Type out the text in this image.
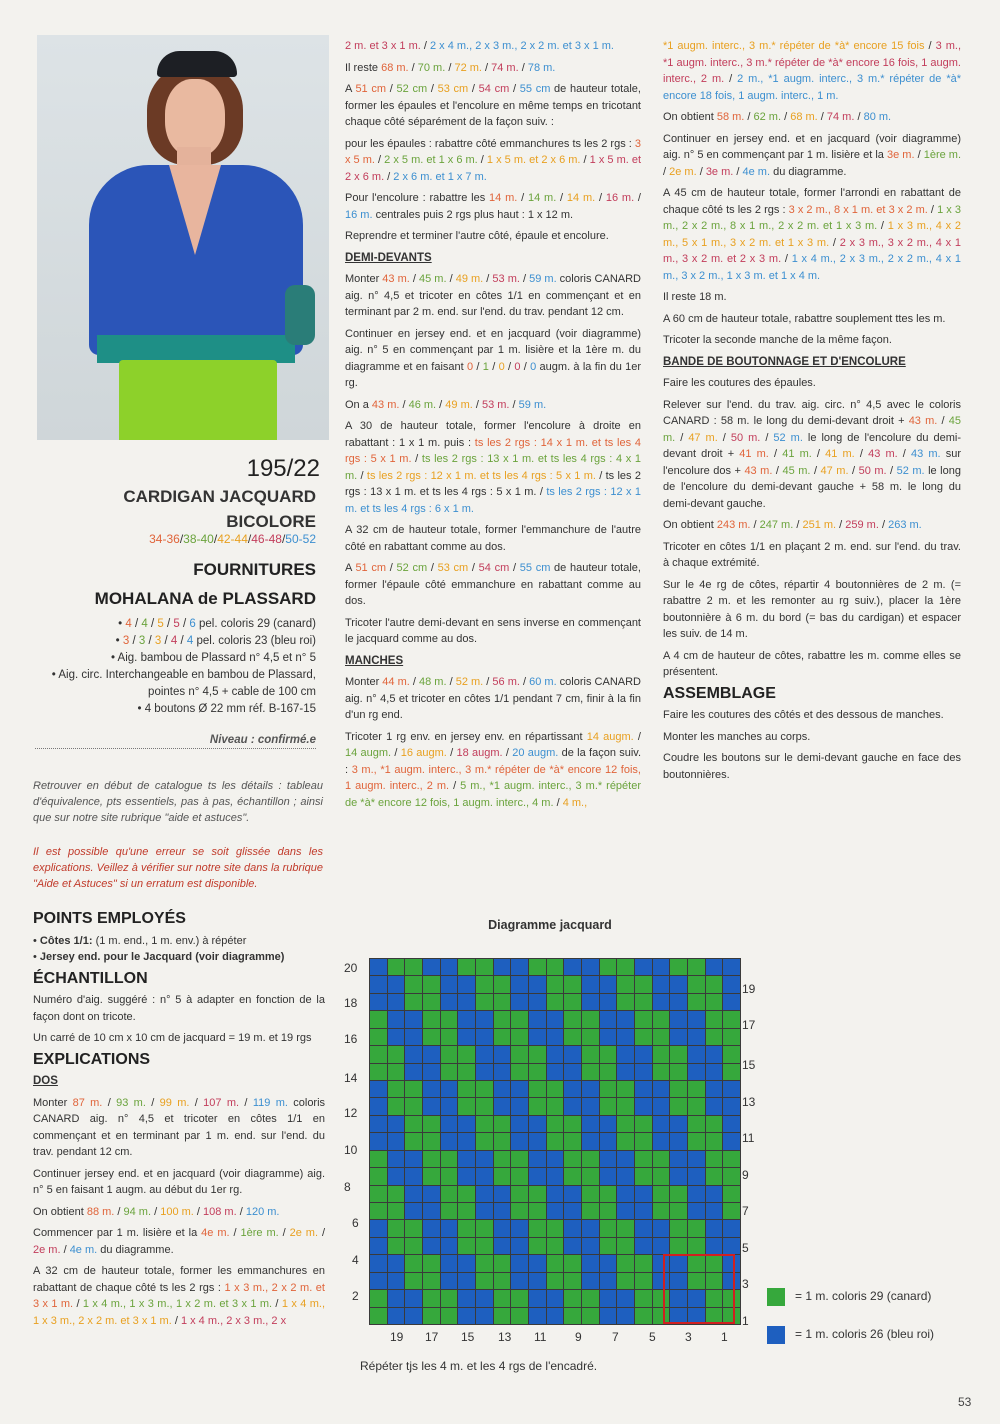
195/22
CARDIGAN JACQUARD
BICOLORE
34-36/38-40/42-44/46-48/50-52
FOURNITURES
MOHALANA de PLASSARD
• 4 / 4 / 5 / 5 / 6 pel. coloris 29 (canard)
• 3 / 3 / 3 / 4 / 4 pel. coloris 23 (bleu roi)
• Aig. bambou de Plassard n° 4,5 et n° 5
• Aig. circ. Interchangeable en bambou de Plassard,
pointes n° 4,5 + cable de 100 cm
• 4 boutons Ø 22 mm réf. B-167-15
Niveau : confirmé.e
Retrouver en début de catalogue ts les détails : tableau d'équivalence, pts essentiels, pas à pas, échantillon ; ainsi que sur notre site rubrique "aide et astuces".
Il est possible qu'une erreur se soit glissée dans les explications. Veillez à vérifier sur notre site dans la rubrique "Aide et Astuces" si un erratum est disponible.
POINTS EMPLOYÉS

• Côtes 1/1: (1 m. end., 1 m. env.) à répéter

• Jersey end. pour le Jacquard (voir diagramme)

ÉCHANTILLON

Numéro d'aig. suggéré : n° 5 à adapter en fonction de la façon dont on tricote.

Un carré de 10 cm x 10 cm de jacquard = 19 m. et 19 rgs

EXPLICATIONS
DOS

Monter 87 m. / 93 m. / 99 m. / 107 m. / 119 m. coloris CANARD aig. n° 4,5 et tricoter en côtes 1/1 en commençant et en terminant par 1 m. end. sur l'end. du trav. pendant 12 cm.

Continuer jersey end. et en jacquard (voir diagramme) aig. n° 5 en faisant 1 augm. au début du 1er rg.

On obtient 88 m. / 94 m. / 100 m. / 108 m. / 120 m.

Commencer par 1 m. lisière et la 4e m. / 1ère m. / 2e m. / 2e m. / 4e m. du diagramme.

A 32 cm de hauteur totale, former les emmanchures en rabattant de chaque côté ts les 2 rgs : 1 x 3 m., 2 x 2 m. et 3 x 1 m. / 1 x 4 m., 1 x 3 m., 1 x 2 m. et 3 x 1 m. / 1 x 4 m., 1 x 3 m., 2 x 2 m. et 3 x 1 m. / 1 x 4 m., 2 x 3 m., 2 x

2 m. et 3 x 1 m. / 2 x 4 m., 2 x 3 m., 2 x 2 m. et 3 x 1 m.

Il reste 68 m. / 70 m. / 72 m. / 74 m. / 78 m.

A 51 cm / 52 cm / 53 cm / 54 cm / 55 cm de hauteur totale, former les épaules et l'encolure en même temps en tricotant chaque côté séparément de la façon suiv. :

pour les épaules : rabattre côté emmanchures ts les 2 rgs : 3 x 5 m. / 2 x 5 m. et 1 x 6 m. / 1 x 5 m. et 2 x 6 m. / 1 x 5 m. et 2 x 6 m. / 2 x 6 m. et 1 x 7 m.

Pour l'encolure : rabattre les 14 m. / 14 m. / 14 m. / 16 m. / 16 m. centrales puis 2 rgs plus haut : 1 x 12 m.

Reprendre et terminer l'autre côté, épaule et encolure.

DEMI-DEVANTS

Monter 43 m. / 45 m. / 49 m. / 53 m. / 59 m. coloris CANARD aig. n° 4,5 et tricoter en côtes 1/1 en commençant et en terminant par 2 m. end. sur l'end. du trav. pendant 12 cm.

Continuer en jersey end. et en jacquard (voir diagramme) aig. n° 5 en commençant par 1 m. lisière et la 1ère m. du diagramme et en faisant 0 / 1 / 0 / 0 / 0 augm. à la fin du 1er rg.

On a 43 m. / 46 m. / 49 m. / 53 m. / 59 m.

A 30 de hauteur totale, former l'encolure à droite en rabattant : 1 x 1 m. puis : ts les 2 rgs : 14 x 1 m. et ts les 4 rgs : 5 x 1 m. / ts les 2 rgs : 13 x 1 m. et ts les 4 rgs : 4 x 1 m. / ts les 2 rgs : 12 x 1 m. et ts les 4 rgs : 5 x 1 m. / ts les 2 rgs : 13 x 1 m. et ts les 4 rgs : 5 x 1 m. / ts les 2 rgs : 12 x 1 m. et ts les 4 rgs : 6 x 1 m.

A 32 cm de hauteur totale, former l'emmanchure de l'autre côté en rabattant comme au dos.

A 51 cm / 52 cm / 53 cm / 54 cm / 55 cm de hauteur totale, former l'épaule côté emmanchure en rabattant comme au dos.

Tricoter l'autre demi-devant en sens inverse en commençant le jacquard comme au dos.

MANCHES

Monter 44 m. / 48 m. / 52 m. / 56 m. / 60 m. coloris CANARD aig. n° 4,5 et tricoter en côtes 1/1 pendant 7 cm, finir à la fin d'un rg end.

Tricoter 1 rg env. en jersey env. en répartissant 14 augm. / 14 augm. / 16 augm. / 18 augm. / 20 augm. de la façon suiv. : 3 m., *1 augm. interc., 3 m.* répéter de *à* encore 12 fois, 1 augm. interc., 2 m. / 5 m., *1 augm. interc., 3 m.* répéter de *à* encore 12 fois, 1 augm. interc., 4 m. / 4 m.,

*1 augm. interc., 3 m.* répéter de *à* encore 15 fois / 3 m., *1 augm. interc., 3 m.* répéter de *à* encore 16 fois, 1 augm. interc., 2 m. / 2 m., *1 augm. interc., 3 m.* répéter de *à* encore 18 fois, 1 augm. interc., 1 m.

On obtient 58 m. / 62 m. / 68 m. / 74 m. / 80 m.

Continuer en jersey end. et en jacquard (voir diagramme) aig. n° 5 en commençant par 1 m. lisière et la 3e m. / 1ère m. / 2e m. / 3e m. / 4e m. du diagramme.

A 45 cm de hauteur totale, former l'arrondi en rabattant de chaque côté ts les 2 rgs : 3 x 2 m., 8 x 1 m. et 3 x 2 m. / 1 x 3 m., 2 x 2 m., 8 x 1 m., 2 x 2 m. et 1 x 3 m. / 1 x 3 m., 4 x 2 m., 5 x 1 m., 3 x 2 m. et 1 x 3 m. / 2 x 3 m., 3 x 2 m., 4 x 1 m., 3 x 2 m. et 2 x 3 m. / 1 x 4 m., 2 x 3 m., 2 x 2 m., 4 x 1 m., 3 x 2 m., 1 x 3 m. et 1 x 4 m.

Il reste 18 m.

A 60 cm de hauteur totale, rabattre souplement ttes les m.

Tricoter la seconde manche de la même façon.

BANDE DE BOUTONNAGE ET D'ENCOLURE

Faire les coutures des épaules.

Relever sur l'end. du trav. aig. circ. n° 4,5 avec le coloris CANARD : 58 m. le long du demi-devant droit + 43 m. / 45 m. / 47 m. / 50 m. / 52 m. le long de l'encolure du demi-devant droit + 41 m. / 41 m. / 41 m. / 43 m. / 43 m. sur l'encolure dos + 43 m. / 45 m. / 47 m. / 50 m. / 52 m. le long de l'encolure du demi-devant gauche + 58 m. le long du demi-devant gauche.

On obtient 243 m. / 247 m. / 251 m. / 259 m. / 263 m.

Tricoter en côtes 1/1 en plaçant 2 m. end. sur l'end. du trav. à chaque extrémité.

Sur le 4e rg de côtes, répartir 4 boutonnières de 2 m. (= rabattre 2 m. et les remonter au rg suiv.), placer la 1ère boutonnière à 6 m. du bord (= bas du cardigan) et espacer les suiv. de 14 m.

A 4 cm de hauteur de côtes, rabattre les m. comme elles se présentent.

ASSEMBLAGE

Faire les coutures des côtés et des dessous de manches.

Monter les manches au corps.

Coudre les boutons sur le demi-devant gauche en face des boutonnières.

Diagramme jacquard
20
18
16
14
12
10
8
6
4
2
19
17
15
13
11
9
7
5
3
1
19 17 15 13 11 9	7	5 3 1
Répéter tjs les 4 m. et les 4 rgs de l'encadré.
= 1 m. coloris 29 (canard)
= 1 m. coloris 26 (bleu roi)
53
